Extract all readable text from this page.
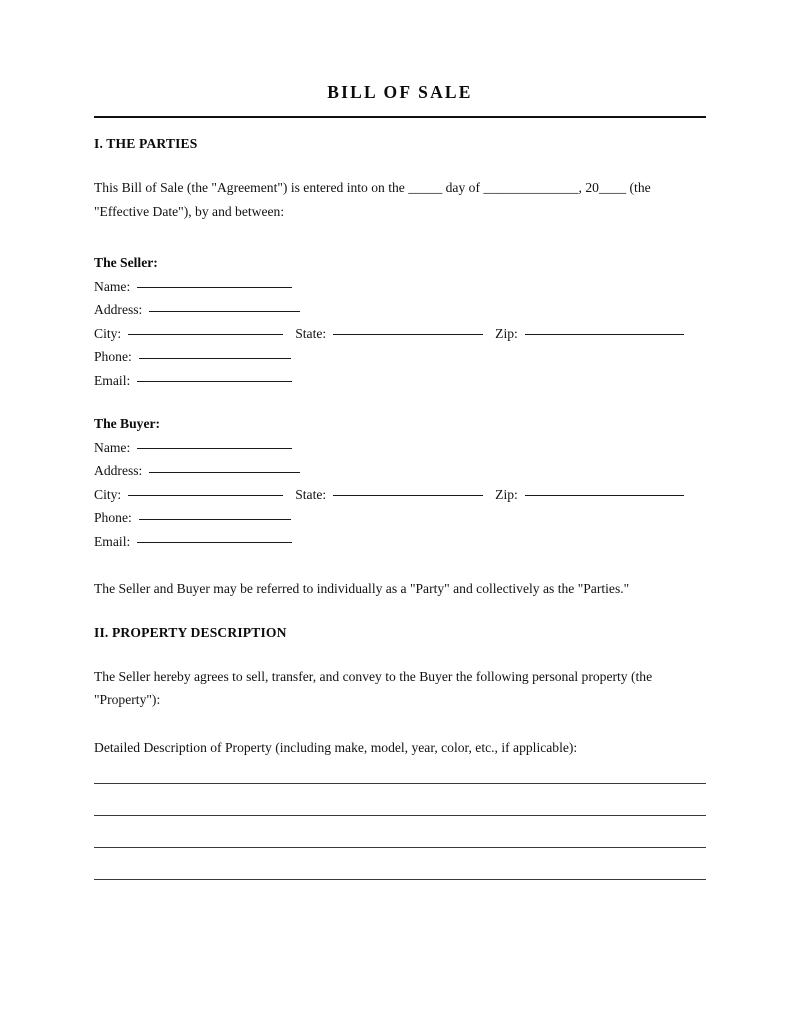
BILL OF SALE
I. THE PARTIES
This Bill of Sale (the "Agreement") is entered into on the _____ day of ______________, 20____ (the "Effective Date"), by and between:
The Seller:
Name:
Address:
City:	State:	Zip:
Phone:
Email:
The Buyer:
Name:
Address:
City:	State:	Zip:
Phone:
Email:
The Seller and Buyer may be referred to individually as a "Party" and collectively as the "Parties."
II. PROPERTY DESCRIPTION
The Seller hereby agrees to sell, transfer, and convey to the Buyer the following personal property (the "Property"):
Detailed Description of Property (including make, model, year, color, etc., if applicable):
